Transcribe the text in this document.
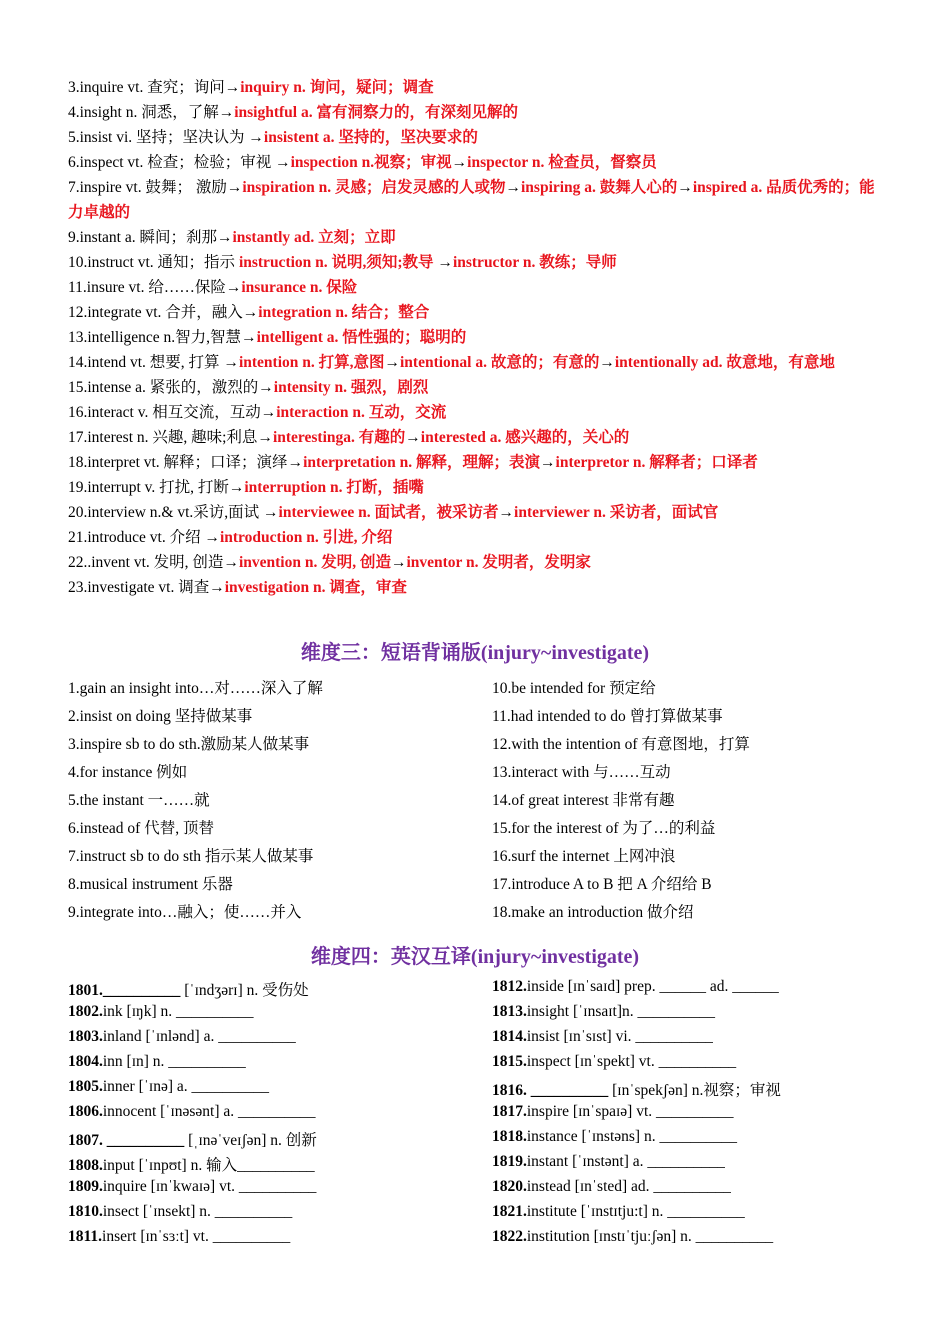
3.inquire vt. 查究；询问→inquiry n. 询问，疑问；调查
4.insight n. 洞悉，了解→insightful a. 富有洞察力的，有深刻见解的
5.insist vi. 坚持；坚决认为 →insistent a. 坚持的，坚决要求的
6.inspect vt. 检查；检验；审视 →inspection n.视察；审视→inspector n. 检查员，督察员
7.inspire vt. 鼓舞； 激励→inspiration n. 灵感；启发灵感的人或物→inspiring a. 鼓舞人心的→inspired a. 品质优秀的；能力卓越的
9.instant a. 瞬间；刹那→instantly ad. 立刻；立即
10.instruct vt. 通知；指示 instruction n. 说明,须知;教导 →instructor n. 教练；导师
11.insure vt. 给……保险→insurance n. 保险
12.integrate vt. 合并，融入→integration n. 结合；整合
13.intelligence n.智力,智慧→intelligent a. 悟性强的；聪明的
14.intend vt. 想要, 打算 →intention n. 打算,意图→intentional a. 故意的；有意的→intentionally ad. 故意地，有意地
15.intense a. 紧张的，激烈的→intensity n. 强烈，剧烈
16.interact v. 相互交流，互动→interaction n. 互动，交流
17.interest n. 兴趣, 趣味;利息→interestinga. 有趣的→interested a. 感兴趣的，关心的
18.interpret vt. 解释；口译；演绎→interpretation n. 解释，理解；表演→interpretor n. 解释者；口译者
19.interrupt v. 打扰, 打断→interruption n. 打断，插嘴
20.interview n.& vt.采访,面试 →interviewee n. 面试者，被采访者→interviewer n. 采访者，面试官
21.introduce vt. 介绍 →introduction n. 引进, 介绍
22..invent vt. 发明, 创造→invention n. 发明, 创造→inventor n. 发明者，发明家
23.investigate vt. 调查→investigation n. 调查，审查
维度三：短语背诵版(injury~investigate)
1.gain an insight into…对……深入了解	10.be intended for 预定给
2.insist on doing 坚持做某事	11.had intended to do 曾打算做某事
3.inspire sb to do sth.激励某人做某事	12.with the intention of 有意图地，打算
4.for instance 例如	13.interact with 与……互动
5.the instant 一……就	14.of great interest 非常有趣
6.instead of 代替, 顶替	15.for the interest of 为了…的利益
7.instruct sb to do sth 指示某人做某事	16.surf the internet 上网冲浪
8.musical instrument 乐器	17.introduce A to B 把 A 介绍给 B
9.integrate into…融入；使……并入	18.make an introduction 做介绍
维度四：英汉互译(injury~investigate)
1801.__________ [ˈɪndʒərɪ] n. 受伤处	1812.inside [ɪnˈsaɪd] prep. ______ ad. ______
1802.ink [ɪŋk] n. __________	1813.insight [ˈɪnsaɪt]n. __________
1803.inland [ˈɪnlənd] a. __________	1814.insist [ɪnˈsɪst] vi. __________
1804.inn [ɪn] n. __________	1815.inspect [ɪnˈspekt] vt. __________
1805.inner [ˈɪnə] a. __________	1816. __________ [ɪnˈspekʃən] n.视察；审视
1806.innocent [ˈɪnəsənt] a. __________	1817.inspire [ɪnˈspaɪə] vt. __________
1807. __________ [ˌɪnəˈveɪʃən] n. 创新	1818.instance [ˈɪnstəns] n. __________
1808.input [ˈɪnpʊt] n. 输入__________	1819.instant [ˈɪnstənt] a. __________
1809.inquire [ɪnˈkwaɪə] vt. __________	1820.instead [ɪnˈsted] ad. __________
1810.insect [ˈɪnsekt] n. __________	1821.institute [ˈɪnstɪtju:t] n. __________
1811.insert [ɪnˈsɜːt] vt. __________	1822.institution [ɪnstɪˈtjuːʃən] n. __________
